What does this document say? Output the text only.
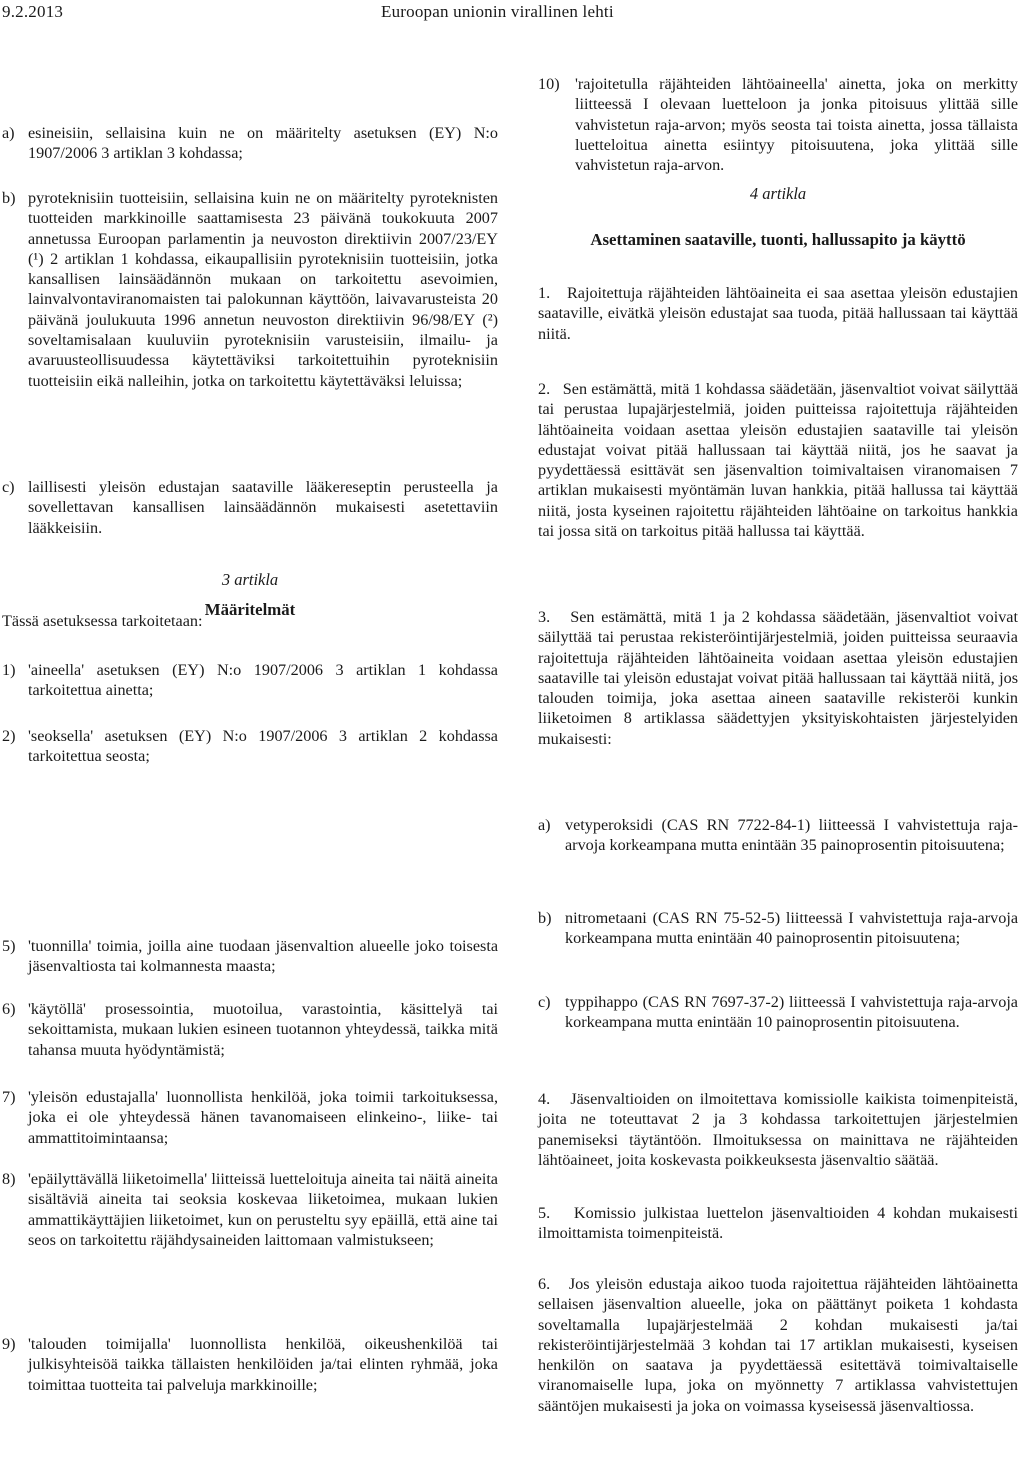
9.2.2013	Euroopan unionin virallinen lehti
a) esineisiin, sellaisina kuin ne on määritelty asetuksen (EY) N:o 1907/2006 3 artiklan 3 kohdassa;
b) pyroteknisiin tuotteisiin, sellaisina kuin ne on määritelty pyroteknisten tuotteiden markkinoille saattamisesta 23 päivänä toukokuuta 2007 annetussa Euroopan parlamentin ja neuvoston direktiivin 2007/23/EY (¹) 2 artiklan 1 kohdassa, eikaupallisiin pyroteknisiin tuotteisiin, jotka kansallisen lainsäädännön mukaan on tarkoitettu asevoimien, lainvalvontaviranomaisten tai palokunnan käyttöön, laivavarusteista 20 päivänä joulukuuta 1996 annetun neuvoston direktiivin 96/98/EY (²) soveltamisalaan kuuluviin pyroteknisiin varusteisiin, ilmailu- ja avaruusteollisuudessa käytettäviksi tarkoitettuihin pyroteknisiin tuotteisiin eikä nalleihin, jotka on tarkoitettu käytettäväksi leluissa;
c) laillisesti yleisön edustajan saataville lääkereseptin perusteella ja sovellettavan kansallisen lainsäädännön mukaisesti asetettaviin lääkkeisiin.
3 artikla
Määritelmät
Tässä asetuksessa tarkoitetaan:
1) 'aineella' asetuksen (EY) N:o 1907/2006 3 artiklan 1 kohdassa tarkoitettua ainetta;
2) 'seoksella' asetuksen (EY) N:o 1907/2006 3 artiklan 2 kohdassa tarkoitettua seosta;
5) 'tuonnilla' toimia, joilla aine tuodaan jäsenvaltion alueelle joko toisesta jäsenvaltiosta tai kolmannesta maasta;
6) 'käytöllä' prosessointia, muotoilua, varastointia, käsittelyä tai sekoittamista, mukaan lukien esineen tuotannon yhteydessä, taikka mitä tahansa muuta hyödyntämistä;
7) 'yleisön edustajalla' luonnollista henkilöä, joka toimii tarkoituksessa, joka ei ole yhteydessä hänen tavanomaiseen elinkeino-, liike- tai ammattitoimintaansa;
8) 'epäilyttävällä liiketoimella' liitteissä luetteloituja aineita tai näitä aineita sisältäviä aineita tai seoksia koskevaa liiketoimea, mukaan lukien ammattikäyttäjien liiketoimet, kun on perusteltu syy epäillä, että aine tai seos on tarkoitettu räjähdysaineiden laittomaan valmistukseen;
9) 'talouden toimijalla' luonnollista henkilöä, oikeushenkilöä tai julkisyhteisöä taikka tällaisten henkilöiden ja/tai elinten ryhmää, joka toimittaa tuotteita tai palveluja markkinoille;
10) 'rajoitetulla räjähteiden lähtöaineella' ainetta, joka on merkitty liitteessä I olevaan luetteloon ja jonka pitoisuus ylittää sille vahvistetun raja-arvon; myös seosta tai toista ainetta, jossa tällaista luetteloitua ainetta esiintyy pitoisuutena, joka ylittää sille vahvistetun raja-arvon.
4 artikla
Asettaminen saataville, tuonti, hallussapito ja käyttö
1. Rajoitettuja räjähteiden lähtöaineita ei saa asettaa yleisön edustajien saataville, eivätkä yleisön edustajat saa tuoda, pitää hallussaan tai käyttää niitä.
2. Sen estämättä, mitä 1 kohdassa säädetään, jäsenvaltiot voivat säilyttää tai perustaa lupajärjestelmiä, joiden puitteissa rajoitettuja räjähteiden lähtöaineita voidaan asettaa yleisön edustajien saataville tai yleisön edustajat voivat pitää hallussaan tai käyttää niitä, jos he saavat ja pyydettäessä esittävät sen jäsenvaltion toimivaltaisen viranomaisen 7 artiklan mukaisesti myöntämän luvan hankkia, pitää hallussa tai käyttää niitä, josta kyseinen rajoitettu räjähteiden lähtöaine on tarkoitus hankkia tai jossa sitä on tarkoitus pitää hallussa tai käyttää.
3. Sen estämättä, mitä 1 ja 2 kohdassa säädetään, jäsenvaltiot voivat säilyttää tai perustaa rekisteröintijärjestelmiä, joiden puitteissa seuraavia rajoitettuja räjähteiden lähtöaineita voidaan asettaa yleisön edustajien saataville tai yleisön edustajat voivat pitää hallussaan tai käyttää niitä, jos talouden toimija, joka asettaa aineen saataville rekisteröi kunkin liiketoimen 8 artiklassa säädettyjen yksityiskohtaisten järjestelyiden mukaisesti:
a) vetyperoksidi (CAS RN 7722-84-1) liitteessä I vahvistettuja raja-arvoja korkeampana mutta enintään 35 painoprosentin pitoisuutena;
b) nitrometaani (CAS RN 75-52-5) liitteessä I vahvistettuja raja-arvoja korkeampana mutta enintään 40 painoprosentin pitoisuutena;
c) typpihappo (CAS RN 7697-37-2) liitteessä I vahvistettuja raja-arvoja korkeampana mutta enintään 10 painoprosentin pitoisuutena.
4. Jäsenvaltioiden on ilmoitettava komissiolle kaikista toimenpiteistä, joita ne toteuttavat 2 ja 3 kohdassa tarkoitettujen järjestelmien panemiseksi täytäntöön. Ilmoituksessa on mainittava ne räjähteiden lähtöaineet, joita koskevasta poikkeuksesta jäsenvaltio säätää.
5. Komissio julkistaa luettelon jäsenvaltioiden 4 kohdan mukaisesti ilmoittamista toimenpiteistä.
6. Jos yleisön edustaja aikoo tuoda rajoitettua räjähteiden lähtöainetta sellaisen jäsenvaltion alueelle, joka on päättänyt poiketa 1 kohdasta soveltamalla lupajärjestelmää 2 kohdan mukaisesti ja/tai rekisteröintijärjestelmää 3 kohdan tai 17 artiklan mukaisesti, kyseisen henkilön on saatava ja pyydettäessä esitettävä toimivaltaiselle viranomaiselle lupa, joka on myönnetty 7 artiklassa vahvistettujen sääntöjen mukaisesti ja joka on voimassa kyseisessä jäsenvaltiossa.
